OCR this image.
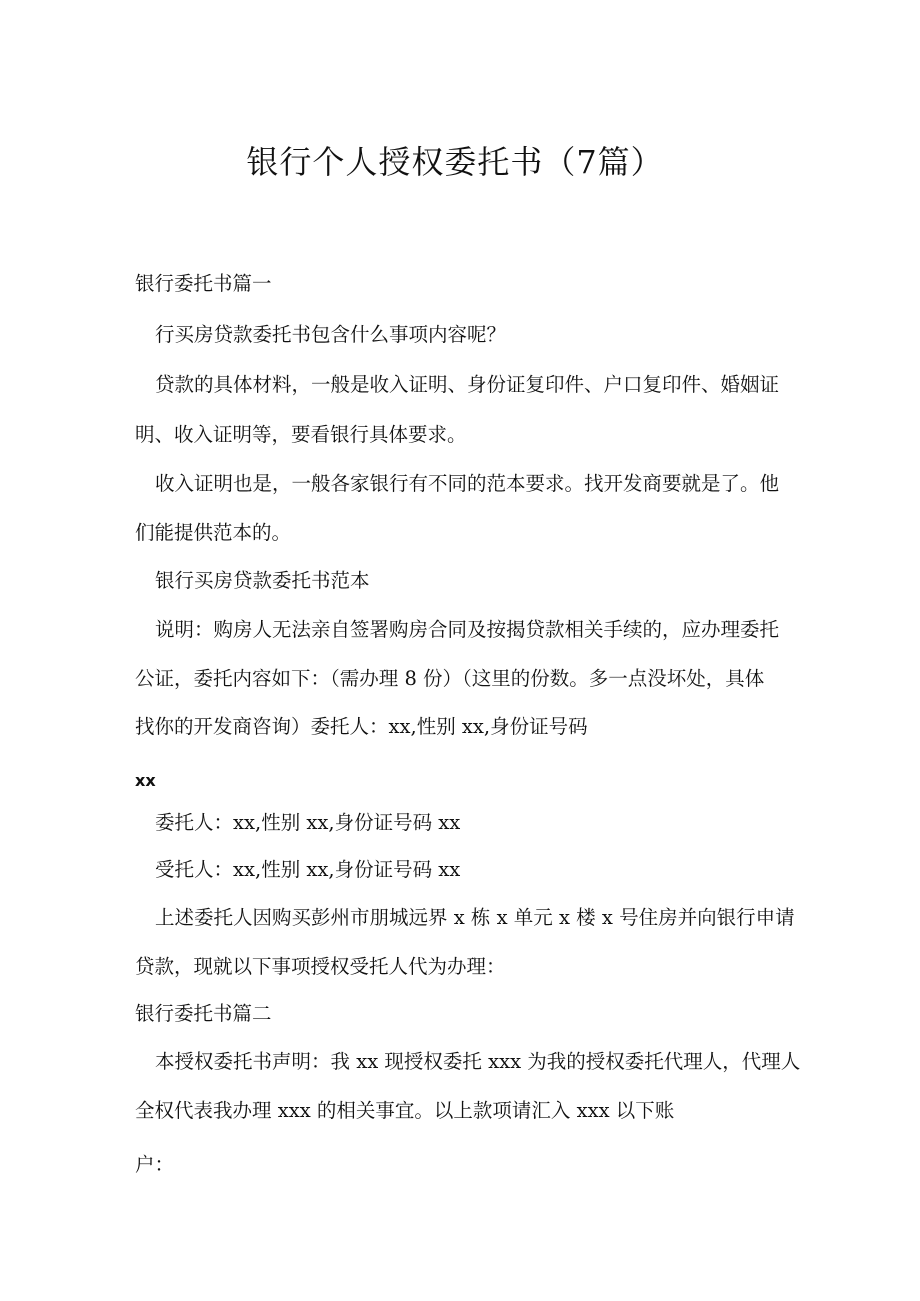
银行个人授权委托书（7篇）
银行委托书篇一
行买房贷款委托书包含什么事项内容呢？
贷款的具体材料，一般是收入证明、身份证复印件、户口复印件、婚姻证
明、收入证明等，要看银行具体要求。
收入证明也是，一般各家银行有不同的范本要求。找开发商要就是了。他
们能提供范本的。
银行买房贷款委托书范本
说明：购房人无法亲自签署购房合同及按揭贷款相关手续的，应办理委托
公证，委托内容如下：（需办理 8 份）（这里的份数。多一点没坏处，具体
找你的开发商咨询）委托人：xx,性别 xx,身份证号码
xx
委托人：xx,性别 xx,身份证号码 xx
受托人：xx,性别 xx,身份证号码 xx
上述委托人因购买彭州市朋城远界 x 栋 x 单元 x 楼 x 号住房并向银行申请
贷款，现就以下事项授权受托人代为办理：
银行委托书篇二
本授权委托书声明：我 xx 现授权委托 xxx 为我的授权委托代理人，代理人
全权代表我办理 xxx 的相关事宜。以上款项请汇入 xxx 以下账
户：
